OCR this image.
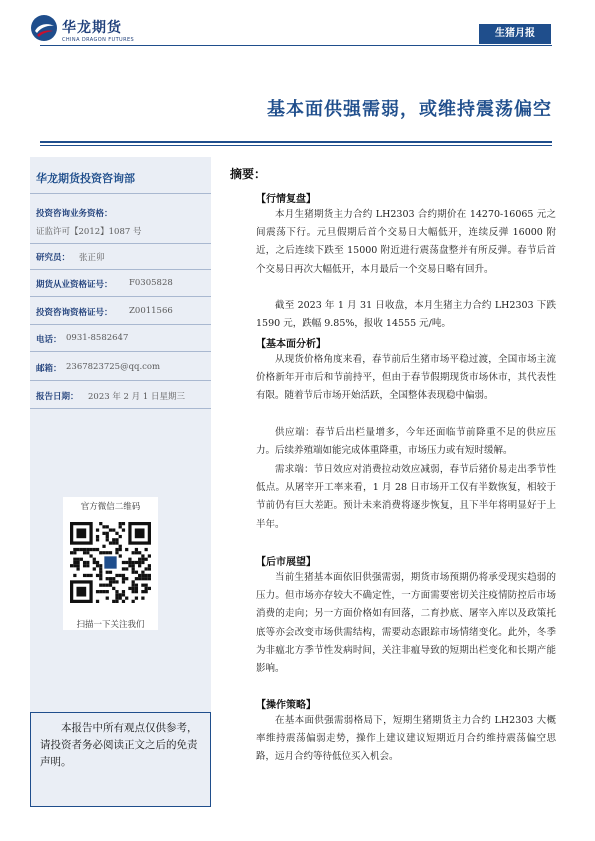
华龙期货
CHINA DRAGON FUTURES
生猪月报
基本面供强需弱，或维持震荡偏空
华龙期货投资咨询部
投资咨询业务资格：
证监许可【2012】1087 号
研究员： 张正卯
期货从业资格证号： F0305828
投资咨询资格证号： Z0011566
电话： 0931-8582647
邮箱： 2367823725@qq.com
报告日期： 2023 年 2 月 1 日星期三
官方微信二维码
扫描一下关注我们
本报告中所有观点仅供参考，请投资者务必阅读正文之后的免责声明。
摘要：
【行情复盘】
本月生猪期货主力合约 LH2303 合约期价在 14270-16065 元之间震荡下行。元旦假期后首个交易日大幅低开，连续反弹 16000 附近，之后连续下跌至 15000 附近进行震荡盘整并有所反弹。春节后首个交易日再次大幅低开，本月最后一个交易日略有回升。
截至 2023 年 1 月 31 日收盘，本月生猪主力合约 LH2303 下跌 1590 元，跌幅 9.85%，报收 14555 元/吨。
【基本面分析】
从现货价格角度来看，春节前后生猪市场平稳过渡，全国市场主流价格新年开市后和节前持平，但由于春节假期现货市场休市，其代表性有限。随着节后市场开始活跃，全国整体表现稳中偏弱。
供应端：春节后出栏量增多，今年还面临节前降重不足的供应压力。后续养殖端如能完成体重降重，市场压力或有短时缓解。
需求端：节日效应对消费拉动效应减弱，春节后猪价易走出季节性低点。从屠宰开工率来看，1 月 28 日市场开工仅有半数恢复，相较于节前仍有巨大差距。预计未来消费将逐步恢复，且下半年将明显好于上半年。
【后市展望】
当前生猪基本面依旧供强需弱，期货市场预期仍将承受现实趋弱的压力。但市场亦存较大不确定性，一方面需要密切关注疫情防控后市场消费的走向；另一方面价格如有回落，二育抄底、屠宰入库以及政策托底等亦会改变市场供需结构，需要动态跟踪市场情绪变化。此外，冬季为非瘟北方季节性发病时间，关注非瘟导致的短期出栏变化和长期产能影响。
【操作策略】
在基本面供强需弱格局下，短期生猪期货主力合约 LH2303 大概率维持震荡偏弱走势，操作上建议建议短期近月合约维持震荡偏空思路，远月合约等待低位买入机会。
